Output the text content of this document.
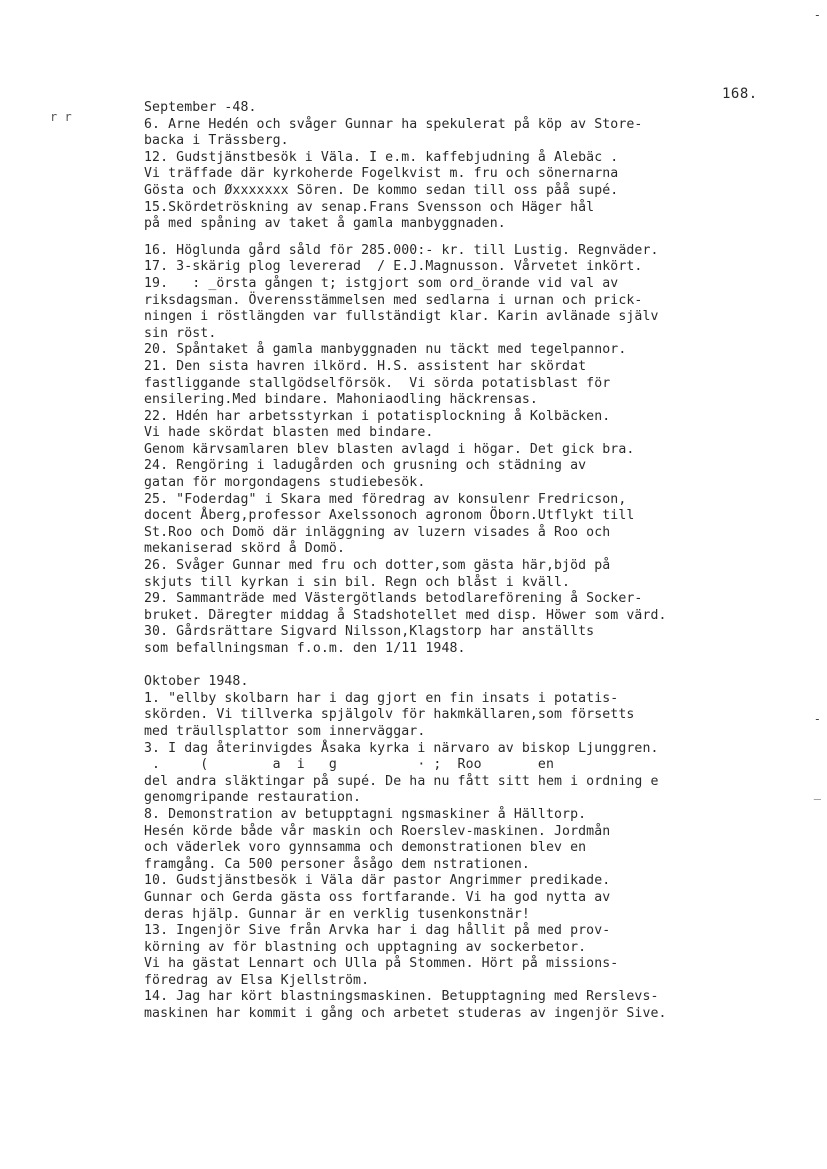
168.
r r
-
-
_
September -48.
6. Arne Hedén och svåger Gunnar ha spekulerat på köp av Store-
backa i Trässberg.
12. Gudstjänstbesök i Väla. I e.m. kaffebjudning å Alebäc .
Vi träffade där kyrkoherde Fogelkvist m. fru och sönernarna
Gösta och Øxxxxxxx Sören. De kommo sedan till oss påå supé.
15.Skördetröskning av senap.Frans Svensson och Häger hål
på med spåning av taket å gamla manbyggnaden.
16. Höglunda gård såld för 285.000:- kr. till Lustig. Regnväder.
17. 3-skärig plog levererad  / E.J.Magnusson. Vårvetet inkört.
19.   : _örsta gången t; istgjort som ord_örande vid val av
riksdagsman. Överensstämmelsen med sedlarna i urnan och prick-
ningen i röstlängden var fullständigt klar. Karin avlänade själv
sin röst.
20. Spåntaket å gamla manbyggnaden nu täckt med tegelpannor.
21. Den sista havren ilkörd. H.S. assistent har skördat
fastliggande stallgödselförsök.  Vi sörda potatisblast för
ensilering.Med bindare. Mahoniaodling häckrensas.
22. Hdén har arbetsstyrkan i potatisplockning å Kolbäcken.
Vi hade skördat blasten med bindare.
Genom kärvsamlaren blev blasten avlagd i högar. Det gick bra.
24. Rengöring i ladugården och grusning och städning av
gatan för morgondagens studiebesök.
25. "Foderdag" i Skara med föredrag av konsulenr Fredricson,
docent Åberg,professor Axelssonoch agronom Öborn.Utflykt till
St.Roo och Domö där inläggning av luzern visades å Roo och
mekaniserad skörd å Domö.
26. Svåger Gunnar med fru och dotter,som gästa här,bjöd på
skjuts till kyrkan i sin bil. Regn och blåst i kväll.
29. Sammanträde med Västergötlands betodlareförening å Socker-
bruket. Däregter middag å Stadshotellet med disp. Höwer som värd.
30. Gårdsrättare Sigvard Nilsson,Klagstorp har anställts
som befallningsman f.o.m. den 1/11 1948.
Oktober 1948.
1. "ellby skolbarn har i dag gjort en fin insats i potatis-
skörden. Vi tillverka spjälgolv för hakmkällaren,som försetts
med träullsplattor som innerväggar.
3. I dag återinvigdes Åsaka kyrka i närvaro av biskop Ljunggren.
.     (        a  i   g          · ;  Roo       en
del andra släktingar på supé. De ha nu fått sitt hem i ordning e
genomgripande restauration.
8. Demonstration av betupptagni ngsmaskiner å Hälltorp.
Hesén körde både vår maskin och Roerslev-maskinen. Jordmån
och väderlek voro gynnsamma och demonstrationen blev en
framgång. Ca 500 personer åsågo dem nstrationen.
10. Gudstjänstbesök i Väla där pastor Angrimmer predikade.
Gunnar och Gerda gästa oss fortfarande. Vi ha god nytta av
deras hjälp. Gunnar är en verklig tusenkonstnär!
13. Ingenjör Sive från Arvka har i dag hållit på med prov-
körning av för blastning och upptagning av sockerbetor.
Vi ha gästat Lennart och Ulla på Stommen. Hört på missions-
föredrag av Elsa Kjellström.
14. Jag har kört blastningsmaskinen. Betupptagning med Rerslevs-
maskinen har kommit i gång och arbetet studeras av ingenjör Sive.
